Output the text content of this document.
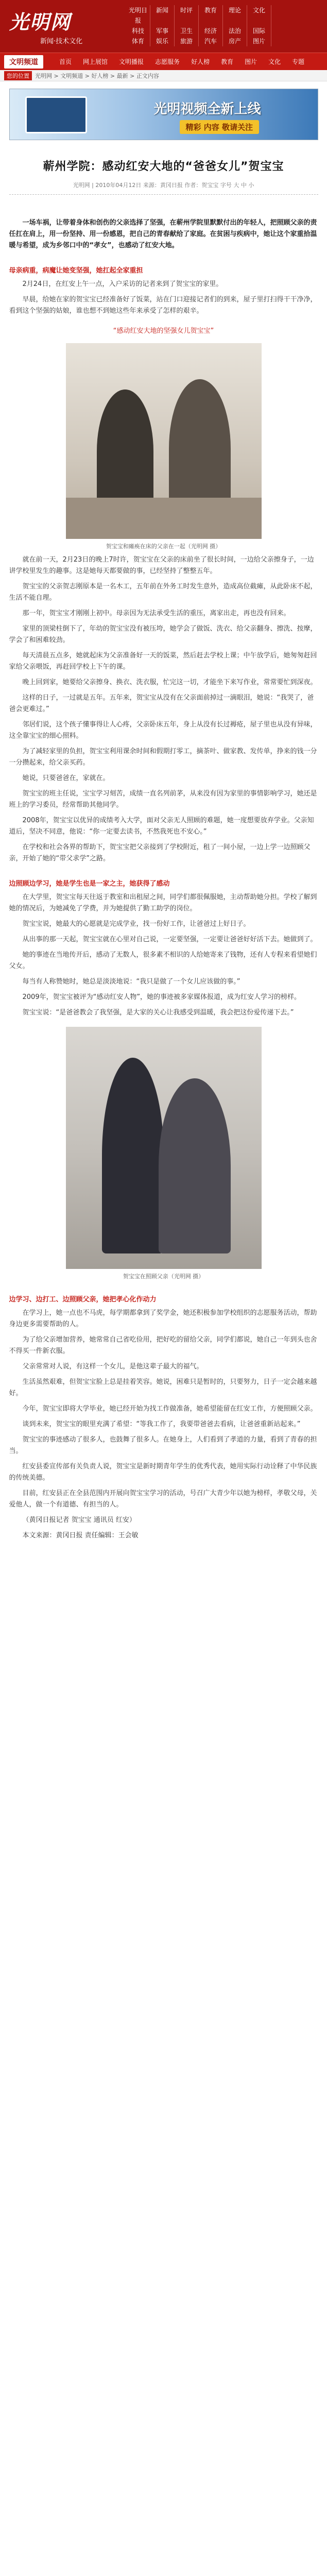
光明网
新闻·技术文化
光明日报
新闻	时评	教育	理论	文化
科技	军事	卫生	经济	法治	国际
体育	娱乐	旅游	汽车	房产	图片
文明频道	首页	网上展馆	文明播报	志愿服务	好人榜	教育	图片	文化	专题
您的位置	光明网 > 文明频道 > 好人榜 > 最新 > 正文内容
光明视频全新上线
精彩 内容 敬请关注
蕲州学院：感动红安大地的“爸爸女儿”贺宝宝
光明网 | 2010年04月12日 来源：黄冈日报 作者：贺宝宝 字号 大 中 小
一场车祸，让带着身体和创伤的父亲选择了坚强，在蕲州学院里默默付出的年轻人，把照顾父亲的责任扛在肩上，用一份坚持、用一份感恩，把自己的青春献给了家庭。在贫困与疾病中，她让这个家重拾温暖与希望，成为乡邻口中的“孝女”，也感动了红安大地。
母亲病重，病魔让她变坚强，她扛起全家重担
2月24日，在红安上午一点，入户采访的记者来到了贺宝宝的家里。
早晨，给她在家的贺宝宝已经准备好了饭菜，站在门口迎接记者们的到来，屋子里打扫得干干净净，看到这个坚强的姑娘，谁也想不到她这些年来承受了怎样的艰辛。
“感动红安大地的坚强女儿贺宝宝”
贺宝宝和瘫痪在床的父亲在一起（光明网 摄）
就在前一天，2月23日的晚上7时许，贺宝宝在父亲的床前坐了很长时间，一边给父亲擦身子，一边讲学校里发生的趣事。这是她每天都要做的事，已经坚持了整整五年。
贺宝宝的父亲贺志刚原本是一名木工，五年前在外务工时发生意外，造成高位截瘫，从此卧床不起，生活不能自理。
那一年，贺宝宝才刚刚上初中。母亲因为无法承受生活的重压，离家出走，再也没有回来。
家里的顶梁柱倒下了，年幼的贺宝宝没有被压垮，她学会了做饭、洗衣、给父亲翻身、擦洗、按摩，学会了和困难较劲。
每天清晨五点多，她就起床为父亲准备好一天的饭菜，然后赶去学校上课；中午放学后，她匆匆赶回家给父亲喂饭，再赶回学校上下午的课。
晚上回到家，她要给父亲擦身、换衣、洗衣服，忙完这一切，才能坐下来写作业，常常要忙到深夜。
这样的日子，一过就是五年。五年来，贺宝宝从没有在父亲面前掉过一滴眼泪，她说：“我哭了，爸爸会更难过。”
邻居们说，这个孩子懂事得让人心疼，父亲卧床五年，身上从没有长过褥疮，屋子里也从没有异味，这全靠宝宝的细心照料。
为了减轻家里的负担，贺宝宝利用课余时间和假期打零工，摘茶叶、做家教、发传单，挣来的钱一分一分攒起来，给父亲买药。
她说，只要爸爸在，家就在。
贺宝宝的班主任说，宝宝学习刻苦，成绩一直名列前茅，从来没有因为家里的事情影响学习，她还是班上的学习委员，经常帮助其他同学。
2008年，贺宝宝以优异的成绩考入大学，面对父亲无人照顾的难题，她一度想要放弃学业。父亲知道后，坚决不同意，他说：“你一定要去读书，不然我死也不安心。”
在学校和社会各界的帮助下，贺宝宝把父亲接到了学校附近，租了一间小屋，一边上学一边照顾父亲，开始了她的“带父求学”之路。
边照顾边学习，她是学生也是一家之主，她获得了感动
在大学里，贺宝宝每天往返于教室和出租屋之间，同学们都很佩服她，主动帮助她分担。学校了解到她的情况后，为她减免了学费，并为她提供了勤工助学的岗位。
贺宝宝说，她最大的心愿就是完成学业，找一份好工作，让爸爸过上好日子。
从出事的那一天起，贺宝宝就在心里对自己说，一定要坚强，一定要让爸爸好好活下去。她做到了。
她的事迹在当地传开后，感动了无数人，很多素不相识的人给她寄来了钱物，还有人专程来看望她们父女。
每当有人称赞她时，她总是淡淡地说：“我只是做了一个女儿应该做的事。”
2009年，贺宝宝被评为“感动红安人物”，她的事迹被多家媒体报道，成为红安人学习的榜样。
贺宝宝说：“是爸爸教会了我坚强，是大家的关心让我感受到温暖，我会把这份爱传递下去。”
贺宝宝在照顾父亲（光明网 摄）
边学习、边打工、边照顾父亲，她把孝心化作动力
在学习上，她一点也不马虎，每学期都拿到了奖学金，她还积极参加学校组织的志愿服务活动，帮助身边更多需要帮助的人。
为了给父亲增加营养，她常常自己省吃俭用，把好吃的留给父亲，同学们都说，她自己一年到头也舍不得买一件新衣服。
父亲常常对人说，有这样一个女儿，是他这辈子最大的福气。
生活虽然艰难，但贺宝宝脸上总是挂着笑容。她说，困难只是暂时的，只要努力，日子一定会越来越好。
今年，贺宝宝即将大学毕业，她已经开始为找工作做准备，她希望能留在红安工作，方便照顾父亲。
谈到未来，贺宝宝的眼里充满了希望：“等我工作了，我要带爸爸去看病，让爸爸重新站起来。”
贺宝宝的事迹感动了很多人，也鼓舞了很多人。在她身上，人们看到了孝道的力量，看到了青春的担当。
红安县委宣传部有关负责人说，贺宝宝是新时期青年学生的优秀代表，她用实际行动诠释了中华民族的传统美德。
目前，红安县正在全县范围内开展向贺宝宝学习的活动，号召广大青少年以她为榜样，孝敬父母，关爱他人，做一个有道德、有担当的人。
（黄冈日报记者 贺宝宝 通讯员 红安）
本文来源：黄冈日报 责任编辑：王会敏
